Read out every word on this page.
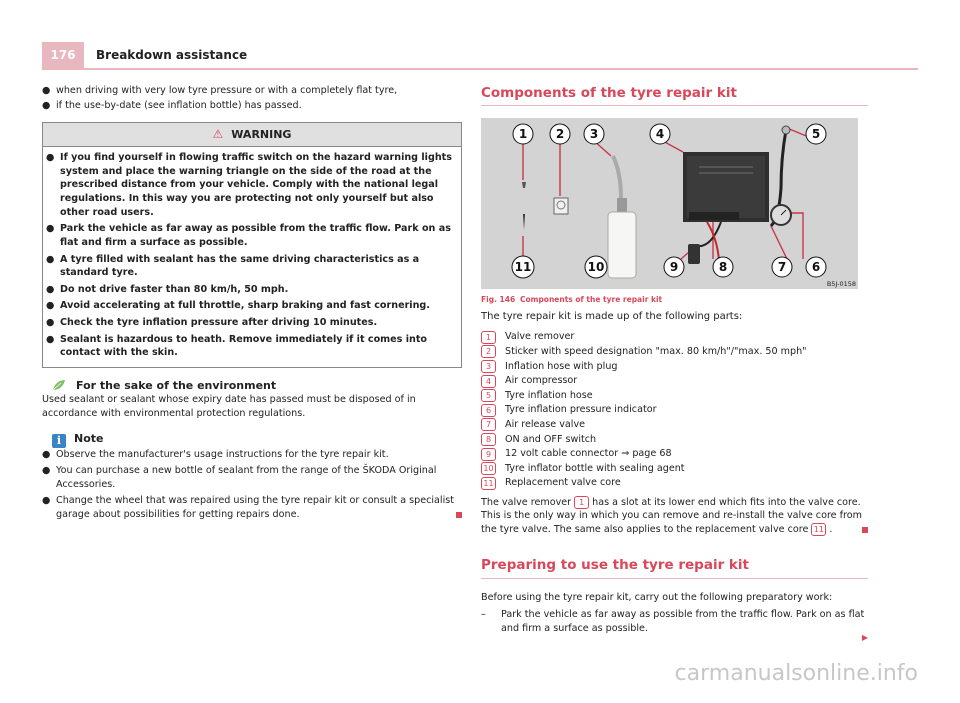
176	Breakdown assistance
● when driving with very low tyre pressure or with a completely flat tyre,
● if the use-by-date (see inflation bottle) has passed.
⚠ WARNING
● If you find yourself in flowing traffic switch on the hazard warning lights system and place the warning triangle on the side of the road at the prescribed distance from your vehicle. Comply with the national legal regulations. In this way you are protecting not only yourself but also other road users.
● Park the vehicle as far away as possible from the traffic flow. Park on as flat and firm a surface as possible.
● A tyre filled with sealant has the same driving characteristics as a standard tyre.
● Do not drive faster than 80 km/h, 50 mph.
● Avoid accelerating at full throttle, sharp braking and fast cornering.
● Check the tyre inflation pressure after driving 10 minutes.
● Sealant is hazardous to heath. Remove immediately if it comes into contact with the skin.
For the sake of the environment
Used sealant or sealant whose expiry date has passed must be disposed of in accordance with environmental protection regulations.
i Note
● Observe the manufacturer's usage instructions for the tyre repair kit.
● You can purchase a new bottle of sealant from the range of the ŠKODA Original Accessories.
● Change the wheel that was repaired using the tyre repair kit or consult a specialist garage about possibilities for getting repairs done.
Components of the tyre repair kit
1 2 3	4	5
6
7
8
9
10
11
B5J-0158
Fig. 146 Components of the tyre repair kit
The tyre repair kit is made up of the following parts:
1	Valve remover
2	Sticker with speed designation "max. 80 km/h"/"max. 50 mph"
3	Inflation hose with plug
4	Air compressor
5	Tyre inflation hose
6	Tyre inflation pressure indicator
7	Air release valve
8	ON and OFF switch
9	12 volt cable connector ⇒ page 68
10 Tyre inflator bottle with sealing agent
11 Replacement valve core
The valve remover 1 has a slot at its lower end which fits into the valve core. This is the only way in which you can remove and re-install the valve core from the tyre valve. The same also applies to the replacement valve core 11 .
Preparing to use the tyre repair kit
Before using the tyre repair kit, carry out the following preparatory work:
–	Park the vehicle as far away as possible from the traffic flow. Park on as flat and firm a surface as possible.
▶
carmanualsonline.info
